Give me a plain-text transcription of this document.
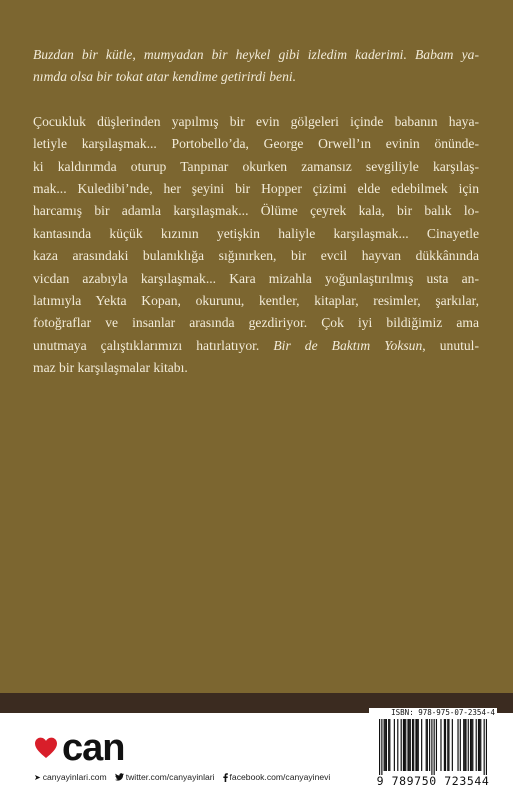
Buzdan bir kütle, mumyadan bir heykel gibi izledim kaderimi. Babam ya-
nımda olsa bir tokat atar kendime getirirdi beni.

Çocukluk düşlerinden yapılmış bir evin gölgeleri içinde babanın haya-
letiyle karşılaşmak... Portobello’da, George Orwell’ın evinin önünde-
ki kaldırımda oturup Tanpınar okurken zamansız sevgiliyle karşılaş-
mak... Kuledibi’nde, her şeyini bir Hopper çizimi elde edebilmek için
harcamış bir adamla karşılaşmak... Ölüme çeyrek kala, bir balık lo-
kantasında küçük kızının yetişkin haliyle karşılaşmak... Cinayetle
kaza arasındaki bulanıklığa sığınırken, bir evcil hayvan dükkânında
vicdan azabıyla karşılaşmak... Kara mizahla yoğunlaştırılmış usta an-
latımıyla Yekta Kopan, okurunu, kentler, kitaplar, resimler, şarkılar,
fotoğraflar ve insanlar arasında gezdiriyor. Çok iyi bildiğimiz ama
unutmaya çalıştıklarımızı hatırlatıyor. Bir de Baktım Yoksun, unutul-
maz bir karşılaşmalar kitabı.

can
➤ canyayinlari.com twitter.com/canyayinlari facebook.com/canyayinevi
ISBN: 978-975-07-2354-4
9 789750 723544
